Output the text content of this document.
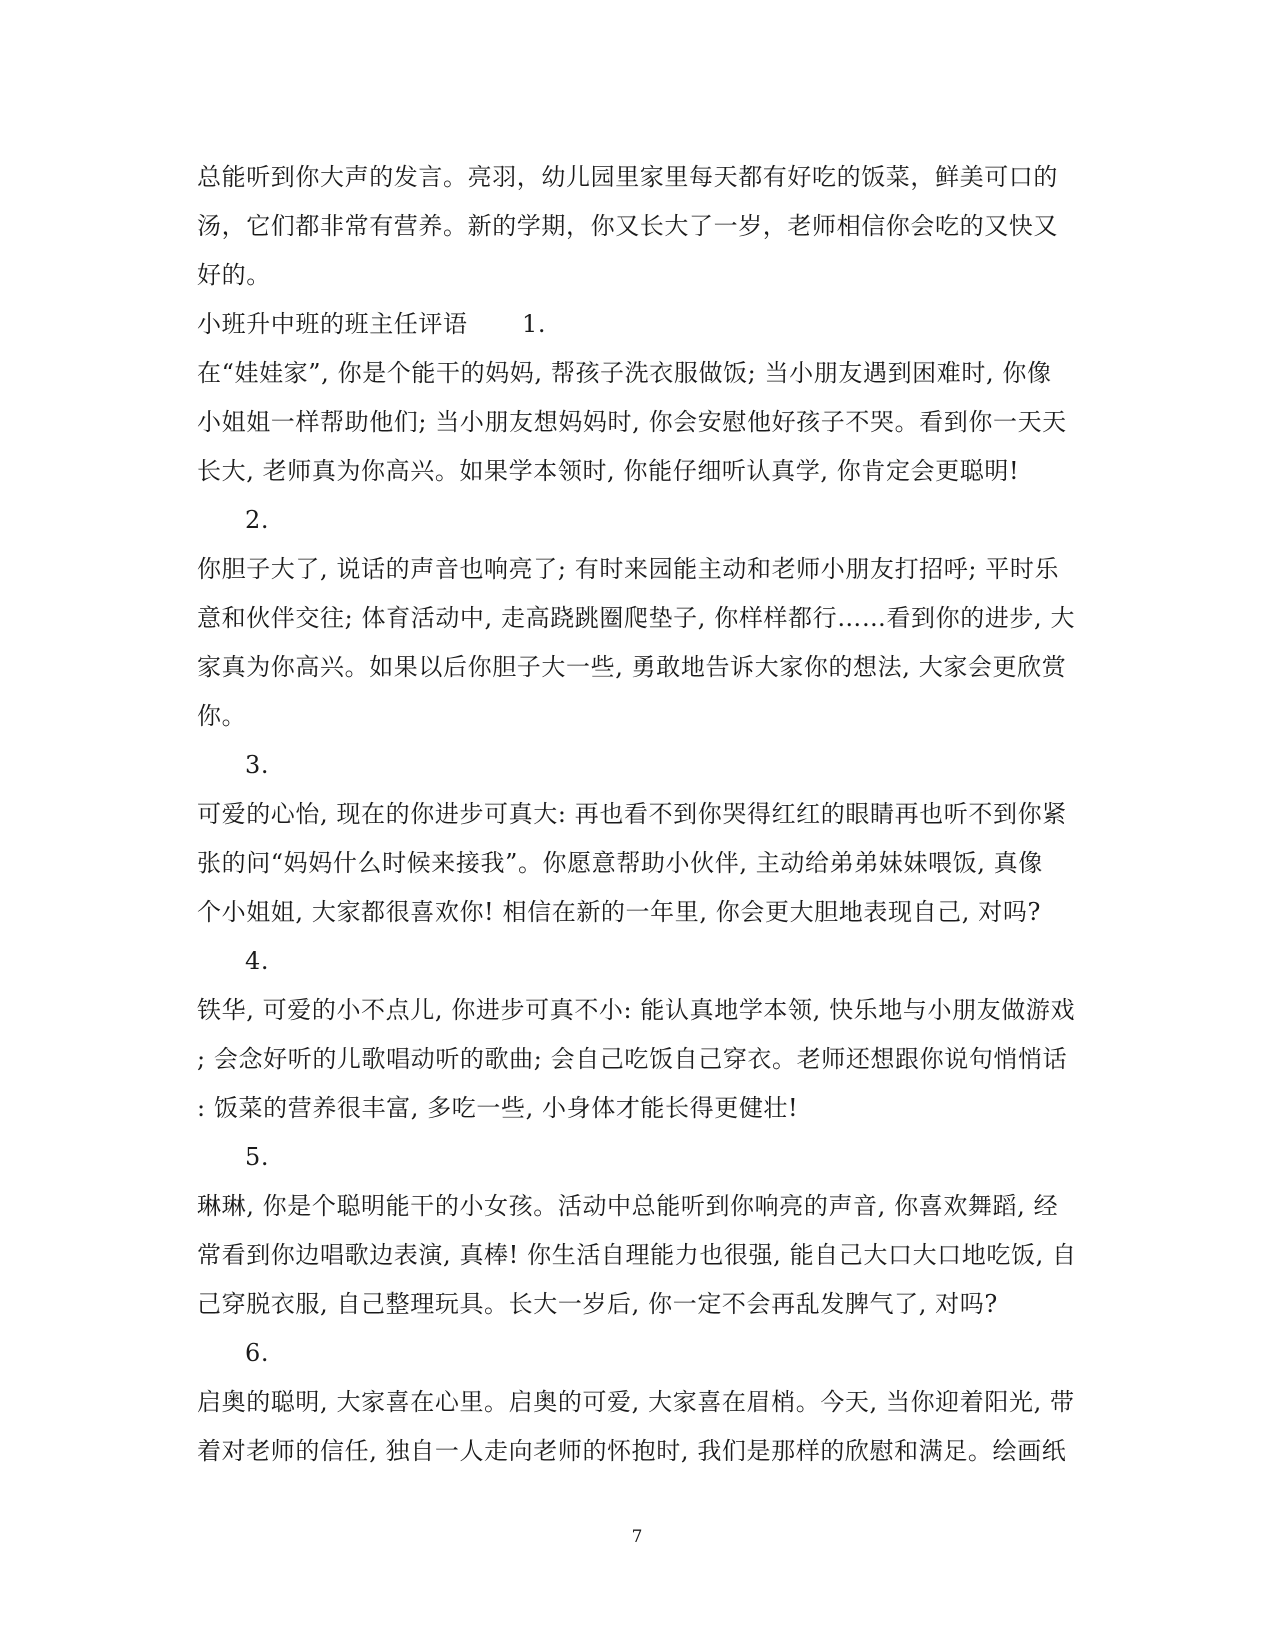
总能听到你大声的发言。亮羽，幼儿园里家里每天都有好吃的饭菜，鲜美可口的
汤，它们都非常有营养。新的学期，你又长大了一岁，老师相信你会吃的又快又
好的。
小班升中班的班主任评语 1.
在“娃娃家”, 你是个能干的妈妈, 帮孩子洗衣服做饭; 当小朋友遇到困难时, 你像
小姐姐一样帮助他们; 当小朋友想妈妈时, 你会安慰他好孩子不哭。看到你一天天
长大, 老师真为你高兴。如果学本领时, 你能仔细听认真学, 你肯定会更聪明!
2.
你胆子大了, 说话的声音也响亮了; 有时来园能主动和老师小朋友打招呼; 平时乐
意和伙伴交往; 体育活动中, 走高跷跳圈爬垫子, 你样样都行……看到你的进步, 大
家真为你高兴。如果以后你胆子大一些, 勇敢地告诉大家你的想法, 大家会更欣赏
你。
3.
可爱的心怡, 现在的你进步可真大: 再也看不到你哭得红红的眼睛再也听不到你紧
张的问“妈妈什么时候来接我”。你愿意帮助小伙伴, 主动给弟弟妹妹喂饭, 真像
个小姐姐, 大家都很喜欢你! 相信在新的一年里, 你会更大胆地表现自己, 对吗?
4.
铁华, 可爱的小不点儿, 你进步可真不小: 能认真地学本领, 快乐地与小朋友做游戏
; 会念好听的儿歌唱动听的歌曲; 会自己吃饭自己穿衣。老师还想跟你说句悄悄话
: 饭菜的营养很丰富, 多吃一些, 小身体才能长得更健壮!
5.
琳琳, 你是个聪明能干的小女孩。活动中总能听到你响亮的声音, 你喜欢舞蹈, 经
常看到你边唱歌边表演, 真棒! 你生活自理能力也很强, 能自己大口大口地吃饭, 自
己穿脱衣服, 自己整理玩具。长大一岁后, 你一定不会再乱发脾气了, 对吗?
6.
启奥的聪明, 大家喜在心里。启奥的可爱, 大家喜在眉梢。今天, 当你迎着阳光, 带
着对老师的信任, 独自一人走向老师的怀抱时, 我们是那样的欣慰和满足。绘画纸
7
